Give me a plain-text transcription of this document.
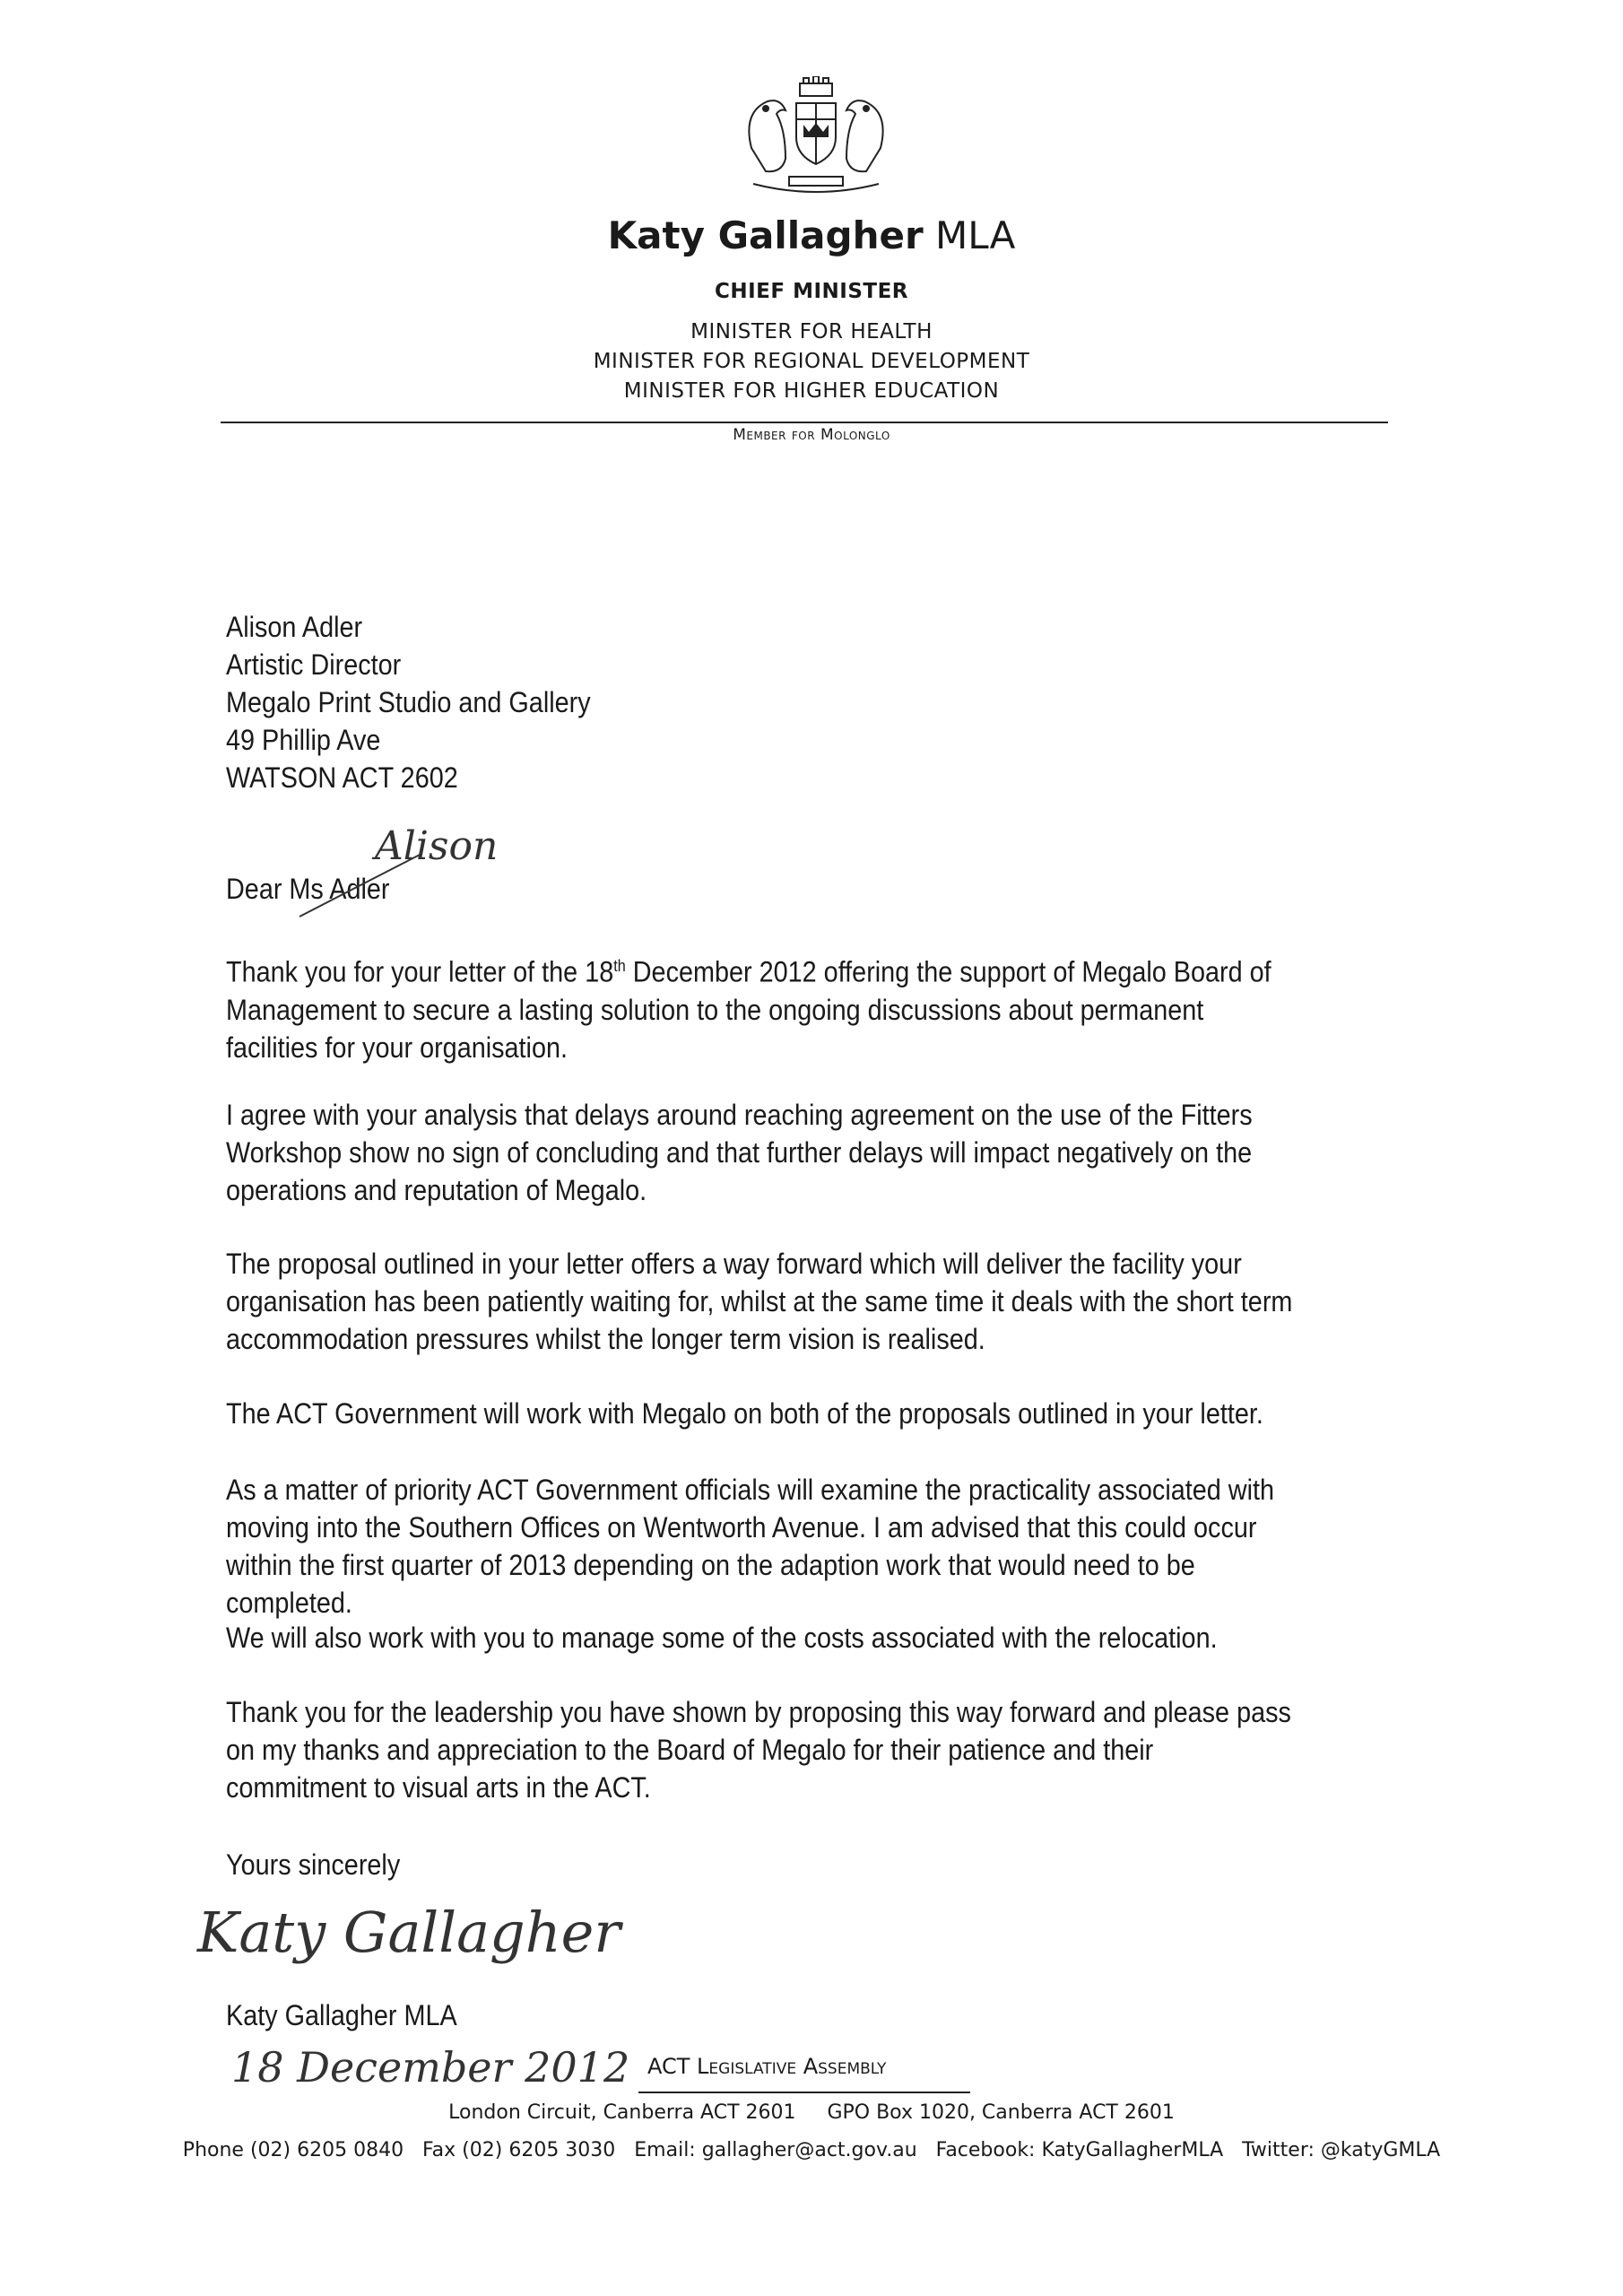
Katy Gallagher MLA
CHIEF MINISTER
MINISTER FOR HEALTH
MINISTER FOR REGIONAL DEVELOPMENT
MINISTER FOR HIGHER EDUCATION
Member for Molonglo
Alison Adler
Artistic Director
Megalo Print Studio and Gallery
49 Phillip Ave
WATSON ACT 2602
Dear Ms Adler
Alison
Thank you for your letter of the 18th December 2012 offering the support of Megalo Board of Management to secure a lasting solution to the ongoing discussions about permanent facilities for your organisation.
I agree with your analysis that delays around reaching agreement on the use of the Fitters Workshop show no sign of concluding and that further delays will impact negatively on the operations and reputation of Megalo.
The proposal outlined in your letter offers a way forward which will deliver the facility your organisation has been patiently waiting for, whilst at the same time it deals with the short term accommodation pressures whilst the longer term vision is realised.
The ACT Government will work with Megalo on both of the proposals outlined in your letter.
As a matter of priority ACT Government officials will examine the practicality associated with moving into the Southern Offices on Wentworth Avenue. I am advised that this could occur within the first quarter of 2013 depending on the adaption work that would need to be completed.
We will also work with you to manage some of the costs associated with the relocation.
Thank you for the leadership you have shown by proposing this way forward and please pass on my thanks and appreciation to the Board of Megalo for their patience and their commitment to visual arts in the ACT.
Yours sincerely
Katy Gallagher
Katy Gallagher MLA
18 December 2012 ACT Legislative Assembly
London Circuit, Canberra ACT 2601     GPO Box 1020, Canberra ACT 2601
Phone (02) 6205 0840   Fax (02) 6205 3030   Email: gallagher@act.gov.au   Facebook: KatyGallagherMLA   Twitter: @katyGMLA
